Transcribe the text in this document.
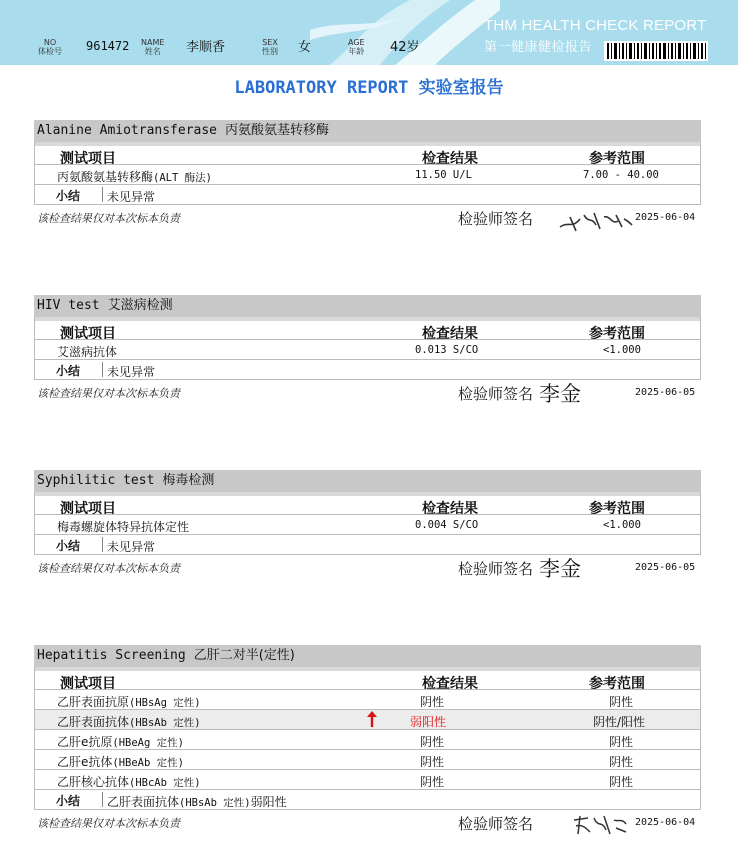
NO
体检号 961472 NAME
姓名 李顺香	SEX
性别 女	AGE
年龄 42岁
THM HEALTH CHECK REPORT
第一健康健检报告
LABORATORY REPORT 实验室报告
Alanine Amiotransferase 丙氨酸氨基转移酶
测试项目	检查结果	参考范围
丙氨酸氨基转移酶(ALT 酶法)	11.50 U/L	7.00 - 40.00
小结 未见异常
该检查结果仅对本次标本负责	检验师签名	2025-06-04
HIV test 艾滋病检测
测试项目	检查结果	参考范围
艾滋病抗体	0.013 S/CO	<1.000
小结 未见异常
该检查结果仅对本次标本负责	检验师签名 李金	2025-06-05
Syphilitic test 梅毒检测
测试项目	检查结果	参考范围
梅毒螺旋体特异抗体定性	0.004 S/CO	<1.000
小结 未见异常
该检查结果仅对本次标本负责	检验师签名 李金	2025-06-05
Hepatitis Screening 乙肝二对半(定性)
测试项目	检查结果	参考范围
乙肝表面抗原(HBsAg 定性)	阴性	阴性
乙肝表面抗体(HBsAb 定性)	弱阳性	阴性/阳性
乙肝e抗原(HBeAg 定性)	阴性	阴性
乙肝e抗体(HBeAb 定性)	阴性	阴性
乙肝核心抗体(HBcAb 定性)	阴性	阴性
小结 乙肝表面抗体(HBsAb 定性)弱阳性
该检查结果仅对本次标本负责	检验师签名	2025-06-04
